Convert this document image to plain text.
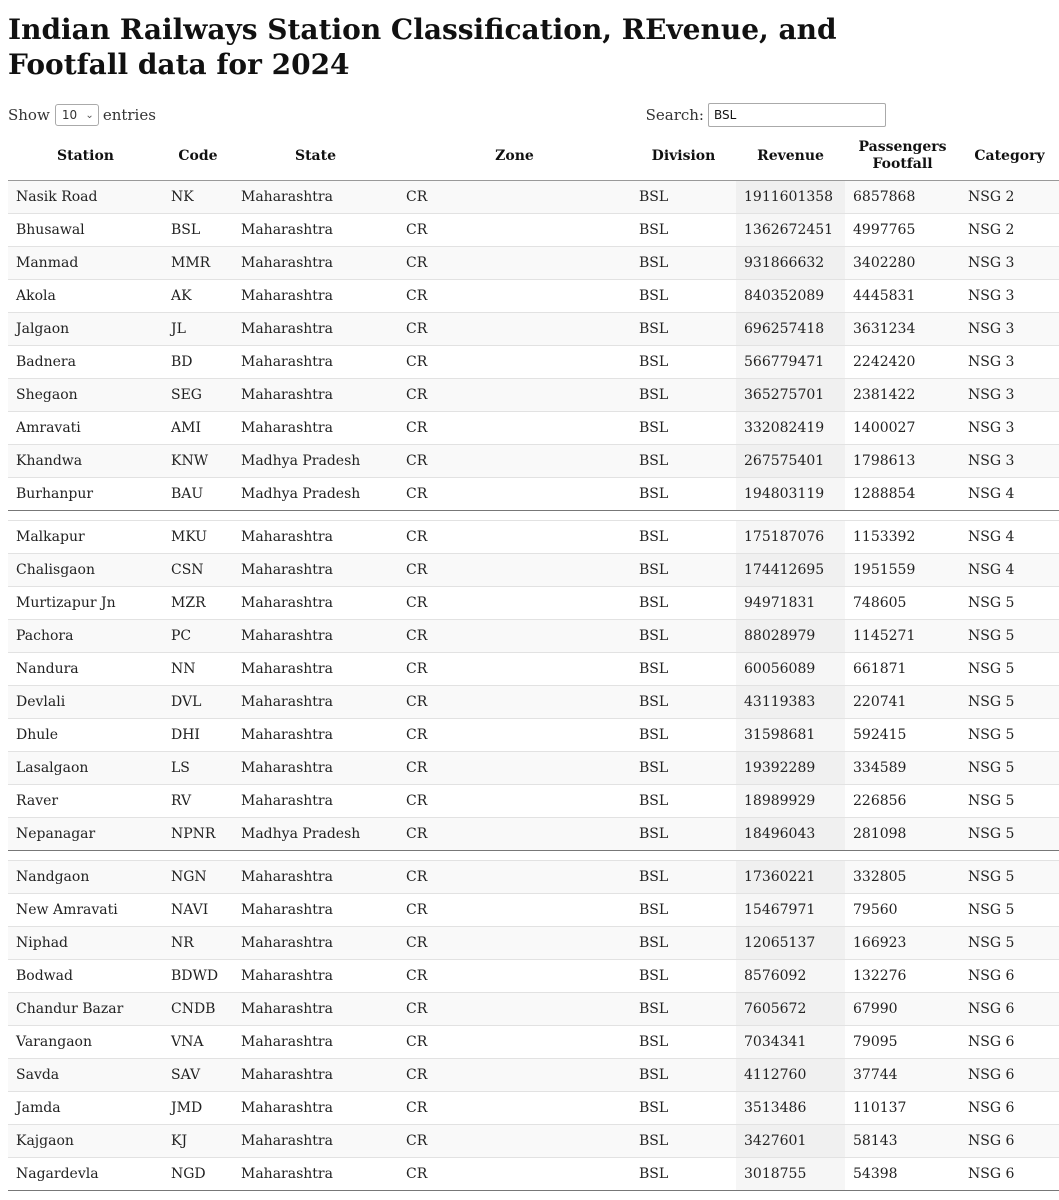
Indian Railways Station Classification, REvenue, and Footfall data for 2024
Show 10 ⌄ entries	Search:
BSL
Station	Code	State	Zone	Division	Revenue	Passengers Footfall	Category
Nasik Road	NK	Maharashtra	CR	BSL	1911601358	6857868	NSG 2
Bhusawal	BSL	Maharashtra	CR	BSL	1362672451	4997765	NSG 2
Manmad	MMR	Maharashtra	CR	BSL	931866632	3402280	NSG 3
Akola	AK	Maharashtra	CR	BSL	840352089	4445831	NSG 3
Jalgaon	JL	Maharashtra	CR	BSL	696257418	3631234	NSG 3
Badnera	BD	Maharashtra	CR	BSL	566779471	2242420	NSG 3
Shegaon	SEG	Maharashtra	CR	BSL	365275701	2381422	NSG 3
Amravati	AMI	Maharashtra	CR	BSL	332082419	1400027	NSG 3
Khandwa	KNW	Madhya Pradesh	CR	BSL	267575401	1798613	NSG 3
Burhanpur	BAU	Madhya Pradesh	CR	BSL	194803119	1288854	NSG 4

Malkapur	MKU	Maharashtra	CR	BSL	175187076	1153392	NSG 4
Chalisgaon	CSN	Maharashtra	CR	BSL	174412695	1951559	NSG 4
Murtizapur Jn	MZR	Maharashtra	CR	BSL	94971831	748605	NSG 5
Pachora	PC	Maharashtra	CR	BSL	88028979	1145271	NSG 5
Nandura	NN	Maharashtra	CR	BSL	60056089	661871	NSG 5
Devlali	DVL	Maharashtra	CR	BSL	43119383	220741	NSG 5
Dhule	DHI	Maharashtra	CR	BSL	31598681	592415	NSG 5
Lasalgaon	LS	Maharashtra	CR	BSL	19392289	334589	NSG 5
Raver	RV	Maharashtra	CR	BSL	18989929	226856	NSG 5
Nepanagar	NPNR	Madhya Pradesh	CR	BSL	18496043	281098	NSG 5

Nandgaon	NGN	Maharashtra	CR	BSL	17360221	332805	NSG 5
New Amravati	NAVI	Maharashtra	CR	BSL	15467971	79560	NSG 5
Niphad	NR	Maharashtra	CR	BSL	12065137	166923	NSG 5
Bodwad	BDWD	Maharashtra	CR	BSL	8576092	132276	NSG 6
Chandur Bazar	CNDB	Maharashtra	CR	BSL	7605672	67990	NSG 6
Varangaon	VNA	Maharashtra	CR	BSL	7034341	79095	NSG 6
Savda	SAV	Maharashtra	CR	BSL	4112760	37744	NSG 6
Jamda	JMD	Maharashtra	CR	BSL	3513486	110137	NSG 6
Kajgaon	KJ	Maharashtra	CR	BSL	3427601	58143	NSG 6
Nagardevla	NGD	Maharashtra	CR	BSL	3018755	54398	NSG 6
